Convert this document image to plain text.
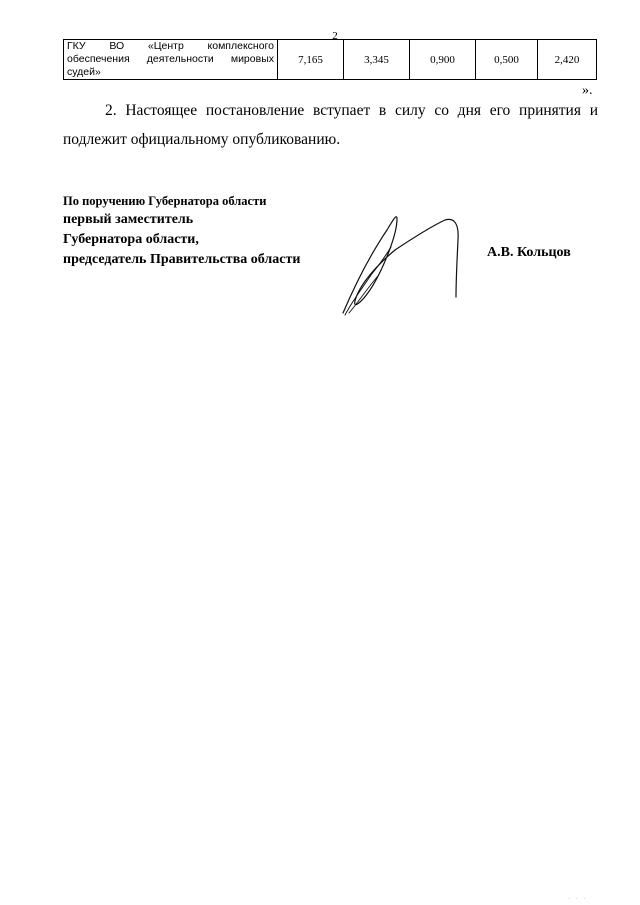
2
ГКУ ВО «Центр комплексного обеспечения деятельности мировых судей»	7,165	3,345	0,900	0,500	2,420
».
2. Настоящее постановление вступает в силу со дня его принятия и подлежит официальному опубликованию.
По поручению Губернатора области
первый заместитель
Губернатора области,
председатель Правительства области	А.В. Кольцов
· · ·
